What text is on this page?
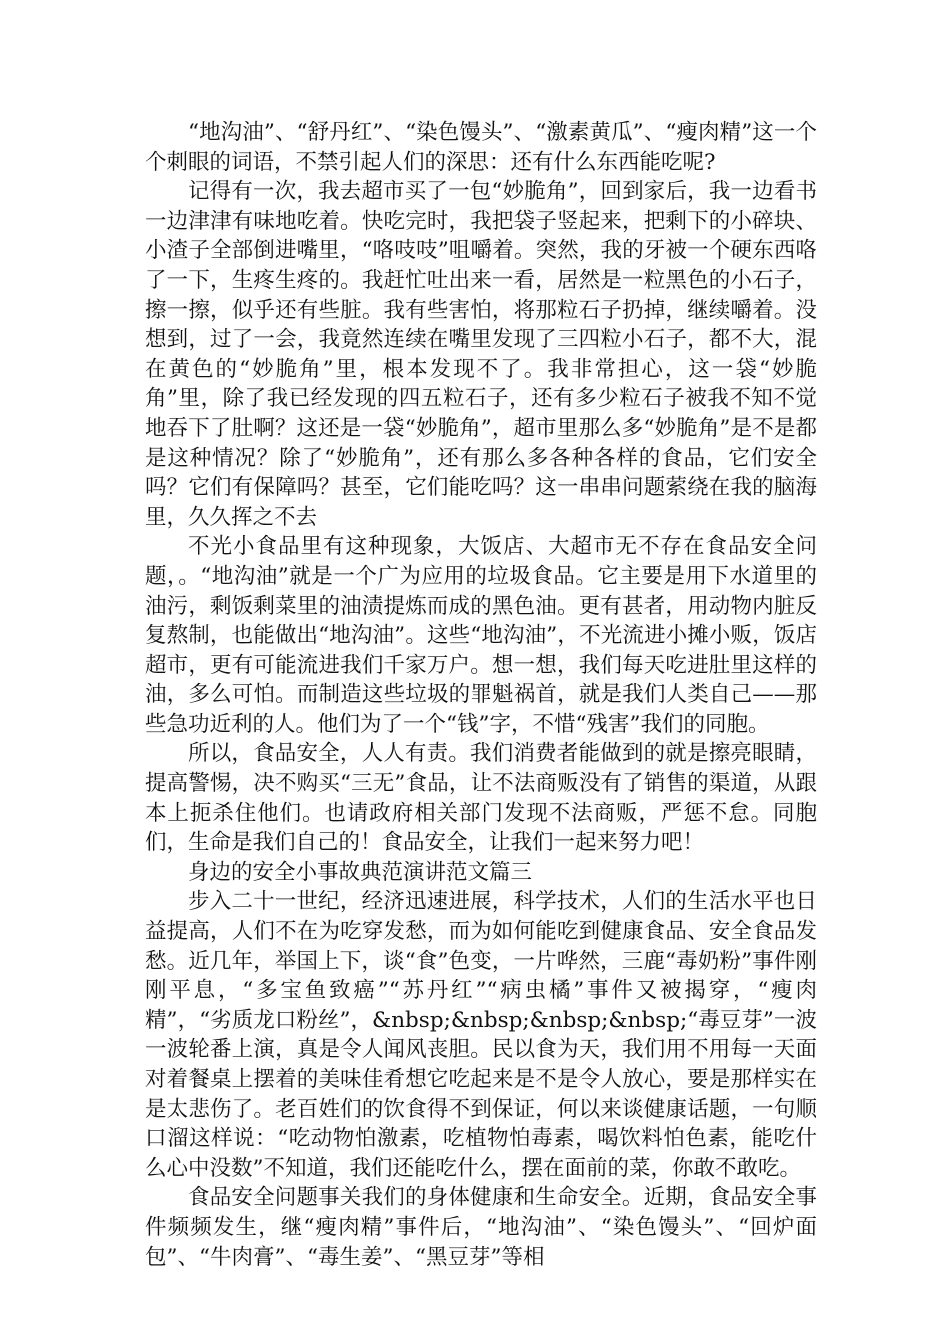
“地沟油”、“舒丹红”、“染色馒头”、“激素黄瓜”、“瘦肉精”这一个个刺眼的词语，不禁引起人们的深思：还有什么东西能吃呢?

记得有一次，我去超市买了一包“妙脆角”，回到家后，我一边看书一边津津有味地吃着。快吃完时，我把袋子竖起来，把剩下的小碎块、小渣子全部倒进嘴里，“咯吱吱”咀嚼着。突然，我的牙被一个硬东西咯了一下，生疼生疼的。我赶忙吐出来一看，居然是一粒黑色的小石子，擦一擦，似乎还有些脏。我有些害怕，将那粒石子扔掉，继续嚼着。没想到，过了一会，我竟然连续在嘴里发现了三四粒小石子，都不大，混在黄色的“妙脆角”里，根本发现不了。我非常担心，这一袋“妙脆角”里，除了我已经发现的四五粒石子，还有多少粒石子被我不知不觉地吞下了肚啊？这还是一袋“妙脆角”，超市里那么多“妙脆角”是不是都是这种情况？除了“妙脆角”，还有那么多各种各样的食品，它们安全吗？它们有保障吗？甚至，它们能吃吗？这一串串问题萦绕在我的脑海里，久久挥之不去

不光小食品里有这种现象，大饭店、大超市无不存在食品安全问题，。“地沟油”就是一个广为应用的垃圾食品。它主要是用下水道里的油污，剩饭剩菜里的油渍提炼而成的黑色油。更有甚者，用动物内脏反复熬制，也能做出“地沟油”。这些“地沟油”，不光流进小摊小贩，饭店超市，更有可能流进我们千家万户。想一想，我们每天吃进肚里这样的油，多么可怕。而制造这些垃圾的罪魁祸首，就是我们人类自己——那些急功近利的人。他们为了一个“钱”字，不惜“残害”我们的同胞。

所以，食品安全，人人有责。我们消费者能做到的就是擦亮眼睛，提高警惕，决不购买“三无”食品，让不法商贩没有了销售的渠道，从跟本上扼杀住他们。也请政府相关部门发现不法商贩，严惩不怠。同胞们，生命是我们自己的！食品安全，让我们一起来努力吧！

身边的安全小事故典范演讲范文篇三

步入二十一世纪，经济迅速进展，科学技术，人们的生活水平也日益提高，人们不在为吃穿发愁，而为如何能吃到健康食品、安全食品发愁。近几年，举国上下，谈“食”色变，一片哗然，三鹿“毒奶粉”事件刚刚平息，“多宝鱼致癌”“苏丹红”“病虫橘”事件又被揭穿，“瘦肉精”，“劣质龙口粉丝”，&nbsp;&nbsp;&nbsp;&nbsp;“毒豆芽”一波一波轮番上演，真是令人闻风丧胆。民以食为天，我们用不用每一天面对着餐桌上摆着的美味佳肴想它吃起来是不是令人放心，要是那样实在是太悲伤了。老百姓们的饮食得不到保证，何以来谈健康话题，一句顺口溜这样说：“吃动物怕激素，吃植物怕毒素，喝饮料怕色素，能吃什么心中没数”不知道，我们还能吃什么，摆在面前的菜，你敢不敢吃。

食品安全问题事关我们的身体健康和生命安全。近期，食品安全事件频频发生，继“瘦肉精”事件后，“地沟油”、“染色馒头”、“回炉面包”、“牛肉膏”、“毒生姜”、“黑豆芽”等相
